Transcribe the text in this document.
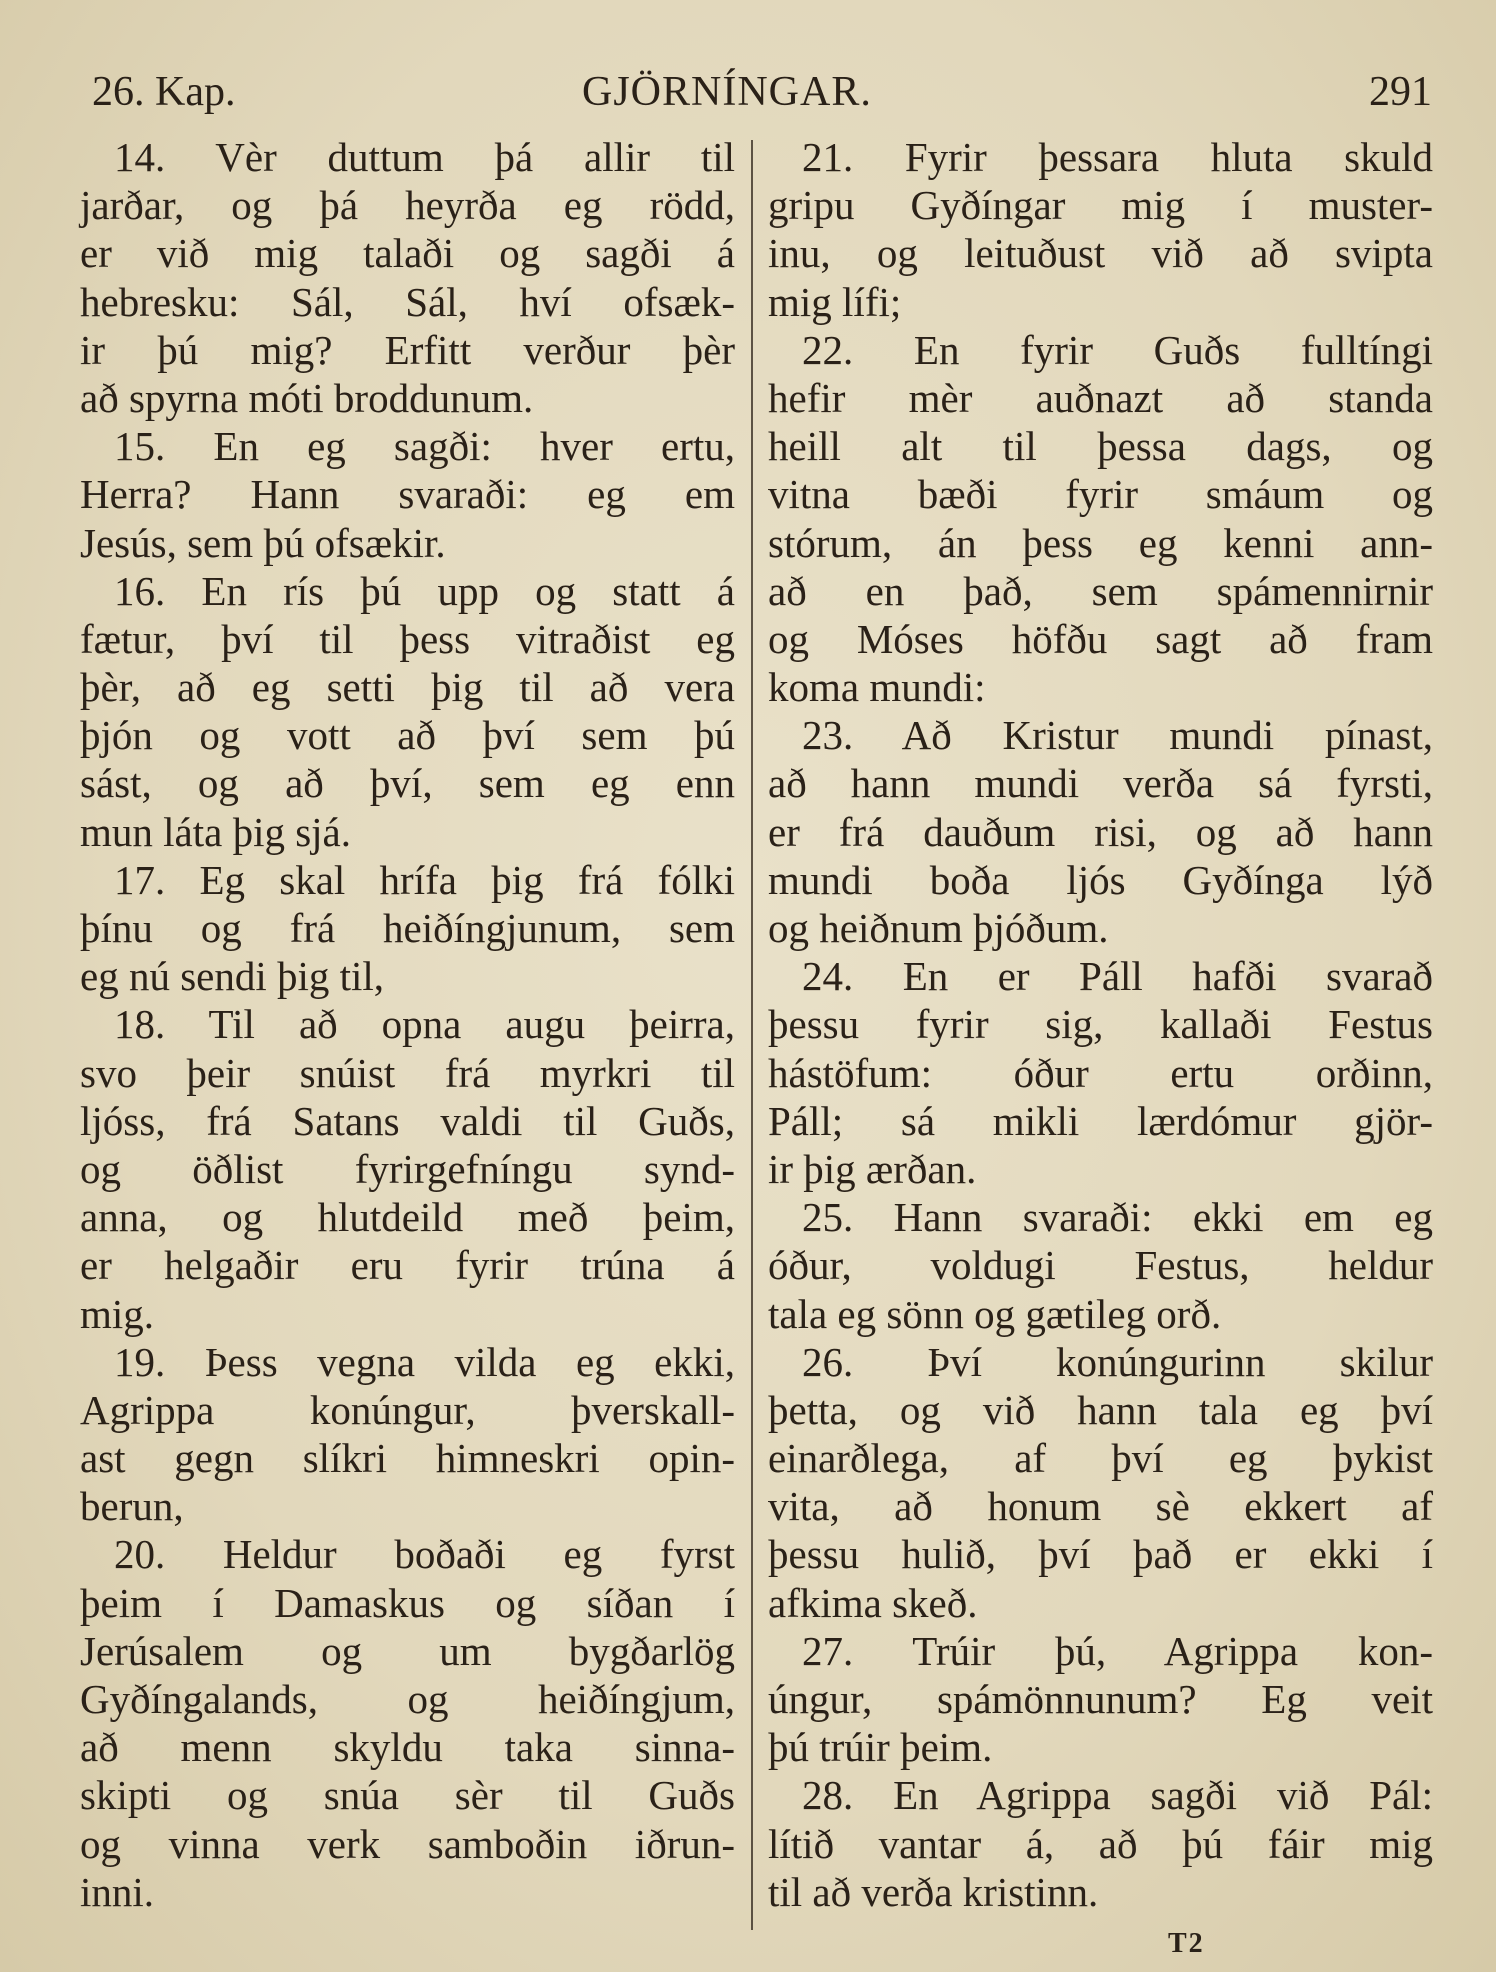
26. Kap.	GJÖRNÍNGAR.	291
14. Vèr duttum þá allir til
jarðar, og þá heyrða eg rödd,
er við mig talaði og sagði á
hebresku: Sál, Sál, hví ofsæk-
ir þú mig? Erfitt verður þèr
að spyrna móti broddunum.
15. En eg sagði: hver ertu,
Herra? Hann svaraði: eg em
Jesús, sem þú ofsækir.
16. En rís þú upp og statt á
fætur, því til þess vitraðist eg
þèr, að eg setti þig til að vera
þjón og vott að því sem þú
sást, og að því, sem eg enn
mun láta þig sjá.
17. Eg skal hrífa þig frá fólki
þínu og frá heiðíngjunum, sem
eg nú sendi þig til,
18. Til að opna augu þeirra,
svo þeir snúist frá myrkri til
ljóss, frá Satans valdi til Guðs,
og öðlist fyrirgefníngu synd-
anna, og hlutdeild með þeim,
er helgaðir eru fyrir trúna á
mig.
19. Þess vegna vilda eg ekki,
Agrippa konúngur, þverskall-
ast gegn slíkri himneskri opin-
berun,
20. Heldur boðaði eg fyrst
þeim í Damaskus og síðan í
Jerúsalem og um bygðarlög
Gyðíngalands, og heiðíngjum,
að menn skyldu taka sinna-
skipti og snúa sèr til Guðs
og vinna verk samboðin iðrun-
inni.
21. Fyrir þessara hluta skuld
gripu Gyðíngar mig í muster-
inu, og leituðust við að svipta
mig lífi;
22. En fyrir Guðs fulltíngi
hefir mèr auðnazt að standa
heill alt til þessa dags, og
vitna bæði fyrir smáum og
stórum, án þess eg kenni ann-
að en það, sem spámennirnir
og Móses höfðu sagt að fram
koma mundi:
23. Að Kristur mundi pínast,
að hann mundi verða sá fyrsti,
er frá dauðum risi, og að hann
mundi boða ljós Gyðínga lýð
og heiðnum þjóðum.
24. En er Páll hafði svarað
þessu fyrir sig, kallaði Festus
hástöfum: óður ertu orðinn,
Páll; sá mikli lærdómur gjör-
ir þig ærðan.
25. Hann svaraði: ekki em eg
óður, voldugi Festus, heldur
tala eg sönn og gætileg orð.
26. Því konúngurinn skilur
þetta, og við hann tala eg því
einarðlega, af því eg þykist
vita, að honum sè ekkert af
þessu hulið, því það er ekki í
afkima skeð.
27. Trúir þú, Agrippa kon-
úngur, spámönnunum? Eg veit
þú trúir þeim.
28. En Agrippa sagði við Pál:
lítið vantar á, að þú fáir mig
til að verða kristinn.
T2
